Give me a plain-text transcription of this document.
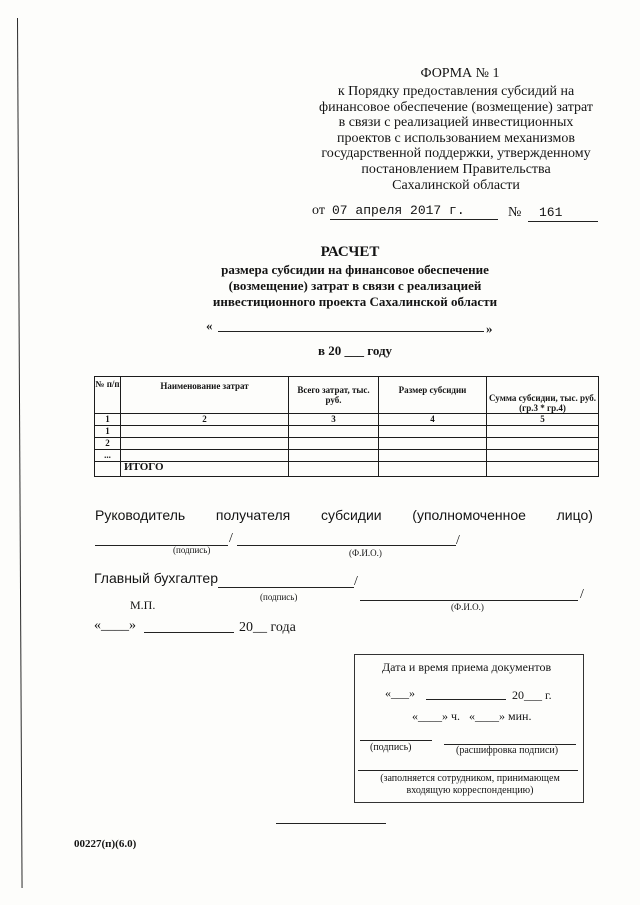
ФОРМА № 1
к Порядку предоставления субсидий на
финансовое обеспечение (возмещение) затрат
в связи с реализацией инвестиционных
проектов с использованием механизмов
государственной поддержки, утвержденному
постановлением Правительства
Сахалинской области
от 07 апреля 2017 г.	№ 161
РАСЧЕТ
размера субсидии на финансовое обеспечение
(возмещение) затрат в связи с реализацией
инвестиционного проекта Сахалинской области
«	»
в 20 ___ году
№ п/п	Наименование затрат	Всего затрат, тыс. руб.	Размер субсидии	Сумма субсидии, тыс. руб. (гр.3 * гр.4)
1	2	3	4	5
1				
2				
...				
	ИТОГО			
Руководитель получателя субсидии (уполномоченное лицо)
/	/
(подпись)	(Ф.И.О.)
Главный бухгалтер	/
/
(подпись)
(Ф.И.О.)
М.П.
«____»	20__ года
Дата и время приема документов
«___»	20___ г.
«____» ч. «____» мин.
(подпись)	(расшифровка подписи)
(заполняется сотрудником, принимающем
входящую корреспонденцию)
00227(п)(6.0)
